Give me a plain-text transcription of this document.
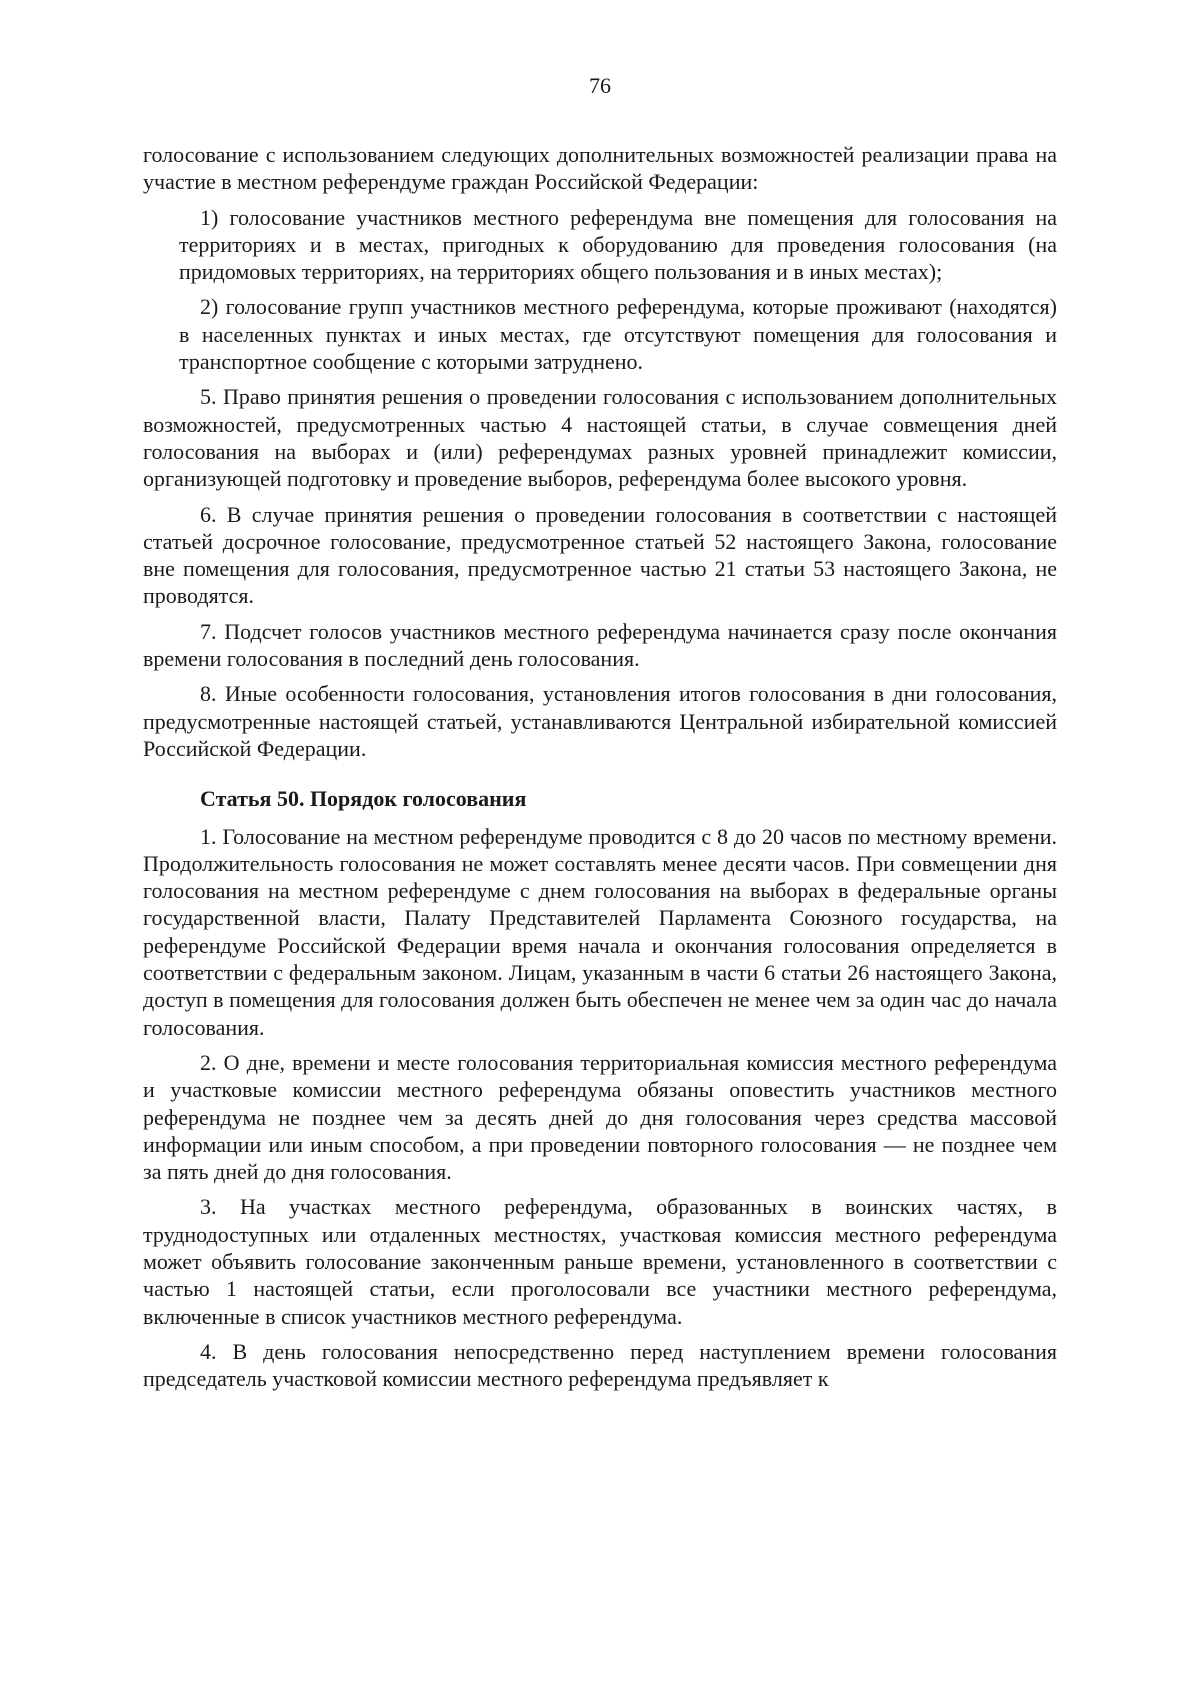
76

голосование с использованием следующих дополнительных возможностей реализации права на участие в местном референдуме граждан Российской Федерации:

1) голосование участников местного референдума вне помещения для голосования на территориях и в местах, пригодных к оборудованию для проведения голосования (на придомовых территориях, на территориях общего пользования и в иных местах);

2) голосование групп участников местного референдума, которые проживают (находятся) в населенных пунктах и иных местах, где отсутствуют помещения для голосования и транспортное сообщение с которыми затруднено.

5. Право принятия решения о проведении голосования с использованием дополнительных возможностей, предусмотренных частью 4 настоящей статьи, в случае совмещения дней голосования на выборах и (или) референдумах разных уровней принадлежит комиссии, организующей подготовку и проведение выборов, референдума более высокого уровня.

6. В случае принятия решения о проведении голосования в соответствии с настоящей статьей досрочное голосование, предусмотренное статьей 52 настоящего Закона, голосование вне помещения для голосования, предусмотренное частью 21 статьи 53 настоящего Закона, не проводятся.

7. Подсчет голосов участников местного референдума начинается сразу после окончания времени голосования в последний день голосования.

8. Иные особенности голосования, установления итогов голосования в дни голосования, предусмотренные настоящей статьей, устанавливаются Центральной избирательной комиссией Российской Федерации.

Статья 50. Порядок голосования

1. Голосование на местном референдуме проводится с 8 до 20 часов по местному времени. Продолжительность голосования не может составлять менее десяти часов. При совмещении дня голосования на местном референдуме с днем голосования на выборах в федеральные органы государственной власти, Палату Представителей Парламента Союзного государства, на референдуме Российской Федерации время начала и окончания голосования определяется в соответствии с федеральным законом. Лицам, указанным в части 6 статьи 26 настоящего Закона, доступ в помещения для голосования должен быть обеспечен не менее чем за один час до начала голосования.

2. О дне, времени и месте голосования территориальная комиссия местного референдума и участковые комиссии местного референдума обязаны оповестить участников местного референдума не позднее чем за десять дней до дня голосования через средства массовой информации или иным способом, а при проведении повторного голосования — не позднее чем за пять дней до дня голосования.

3. На участках местного референдума, образованных в воинских частях, в труднодоступных или отдаленных местностях, участковая комиссия местного референдума может объявить голосование законченным раньше времени, установленного в соответствии с частью 1 настоящей статьи, если проголосовали все участники местного референдума, включенные в список участников местного референдума.

4. В день голосования непосредственно перед наступлением времени голосования председатель участковой комиссии местного референдума предъявляет к
